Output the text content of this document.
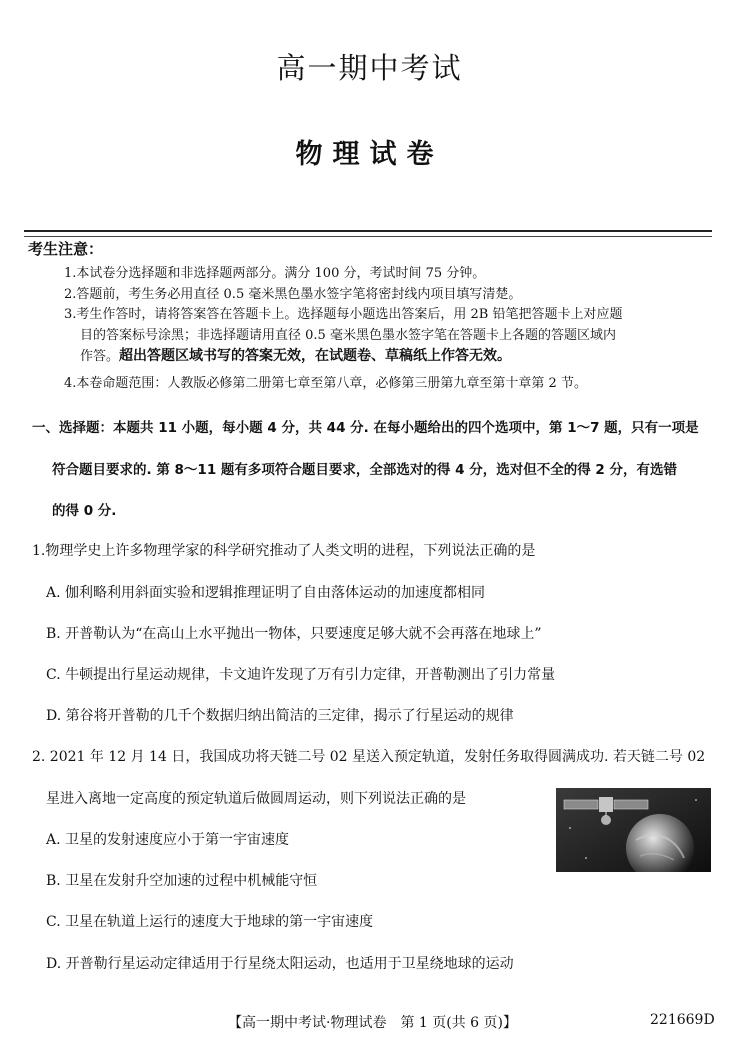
高一期中考试
物理试卷
考生注意：
1.本试卷分选择题和非选择题两部分。满分 100 分，考试时间 75 分钟。
2.答题前，考生务必用直径 0.5 毫米黑色墨水签字笔将密封线内项目填写清楚。
3.考生作答时，请将答案答在答题卡上。选择题每小题选出答案后，用 2B 铅笔把答题卡上对应题
目的答案标号涂黑；非选择题请用直径 0.5 毫米黑色墨水签字笔在答题卡上各题的答题区域内
作答。超出答题区域书写的答案无效，在试题卷、草稿纸上作答无效。
4.本卷命题范围：人教版必修第二册第七章至第八章，必修第三册第九章至第十章第 2 节。
一、选择题：本题共 11 小题，每小题 4 分，共 44 分. 在每小题给出的四个选项中，第 1～7 题，只有一项是
符合题目要求的. 第 8～11 题有多项符合题目要求，全部选对的得 4 分，选对但不全的得 2 分，有选错
的得 0 分.
1.物理学史上许多物理学家的科学研究推动了人类文明的进程，下列说法正确的是
A. 伽利略利用斜面实验和逻辑推理证明了自由落体运动的加速度都相同
B. 开普勒认为“在高山上水平抛出一物体，只要速度足够大就不会再落在地球上”
C. 牛顿提出行星运动规律，卡文迪许发现了万有引力定律，开普勒测出了引力常量
D. 第谷将开普勒的几千个数据归纳出简洁的三定律，揭示了行星运动的规律
2. 2021 年 12 月 14 日，我国成功将天链二号 02 星送入预定轨道，发射任务取得圆满成功. 若天链二号 02
星进入离地一定高度的预定轨道后做圆周运动，则下列说法正确的是
A. 卫星的发射速度应小于第一宇宙速度
B. 卫星在发射升空加速的过程中机械能守恒
C. 卫星在轨道上运行的速度大于地球的第一宇宙速度
D. 开普勒行星运动定律适用于行星绕太阳运动，也适用于卫星绕地球的运动
【高一期中考试·物理试卷　第 1 页(共 6 页)】	221669D
